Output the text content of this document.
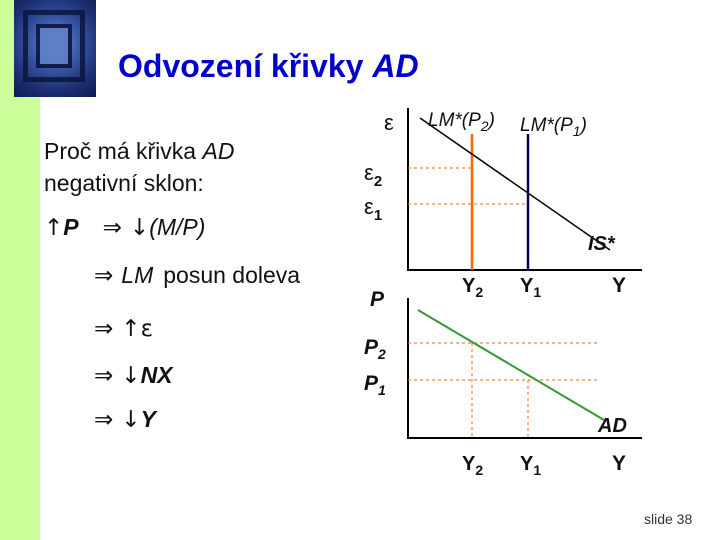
Odvození křivky AD
Proč má křivka AD
negativní sklon:
↑P ⇒ ↓(M/P)
⇒ LM posun doleva
⇒ ↑ε
⇒ ↓NX
⇒ ↓Y
ε
$\varepsilon_2$
$\varepsilon_1$
$LM*(P_2)$ $LM*(P_1)$
IS*
Y
$Y_2$ $Y_1$
P
$P_2$
$P_1$
AD
Y
$Y_2$ $Y_1$
slide 38
